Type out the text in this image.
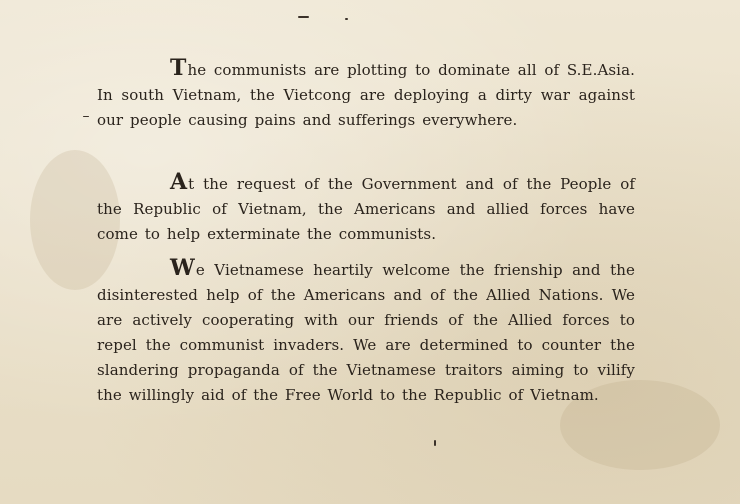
The communists are plotting to dominate all of S.E.Asia. In south Vietnam, the Vietcong are deploying a dirty war against our people causing pains and sufferings everywhere.

At the request of the Government and of the People of the Republic of Vietnam, the Americans and allied forces have come to help exterminate the communists.

We Vietnamese heartily welcome the frienship and the disinterested help of the Americans and of the Allied Nations. We are actively cooperating with our friends of the Allied forces to repel the communist invaders. We are determined to counter the slandering propaganda of the Vietnamese traitors aiming to vilify the willingly aid of the Free World to the Republic of Vietnam.
